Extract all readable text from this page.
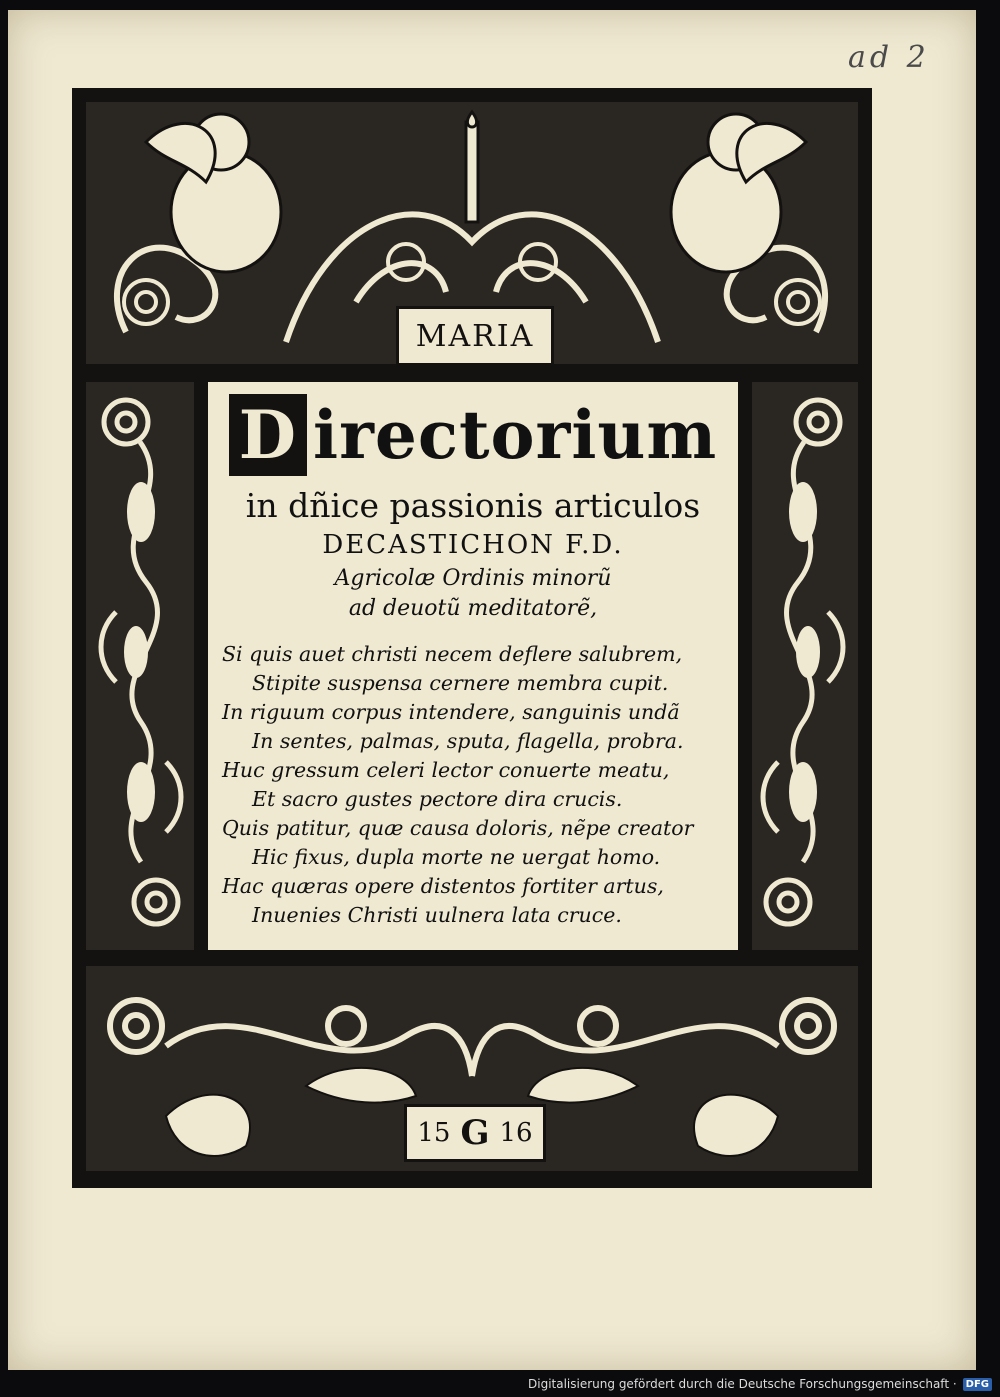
ad 2
MARIA
D irectorium
in dñice passionis articulos
DECASTICHON F.D.
Agricolæ Ordinis minorũ
ad deuotũ meditatorẽ,
Si quis auet christi necem deflere salubrem,
Stipite suspensa cernere membra cupit.
In riguum corpus intendere, sanguinis undã
In sentes, palmas, sputa, flagella, probra.
Huc gressum celeri lector conuerte meatu,
Et sacro gustes pectore dira crucis.
Quis patitur, quæ causa doloris, nẽpe creator
Hic fixus, dupla morte ne uergat homo.
Hac quæras opere distentos fortiter artus,
Inuenies Christi uulnera lata cruce.
15 G 16
Digitalisierung gefördert durch die Deutsche Forschungsgemeinschaft · DFG
